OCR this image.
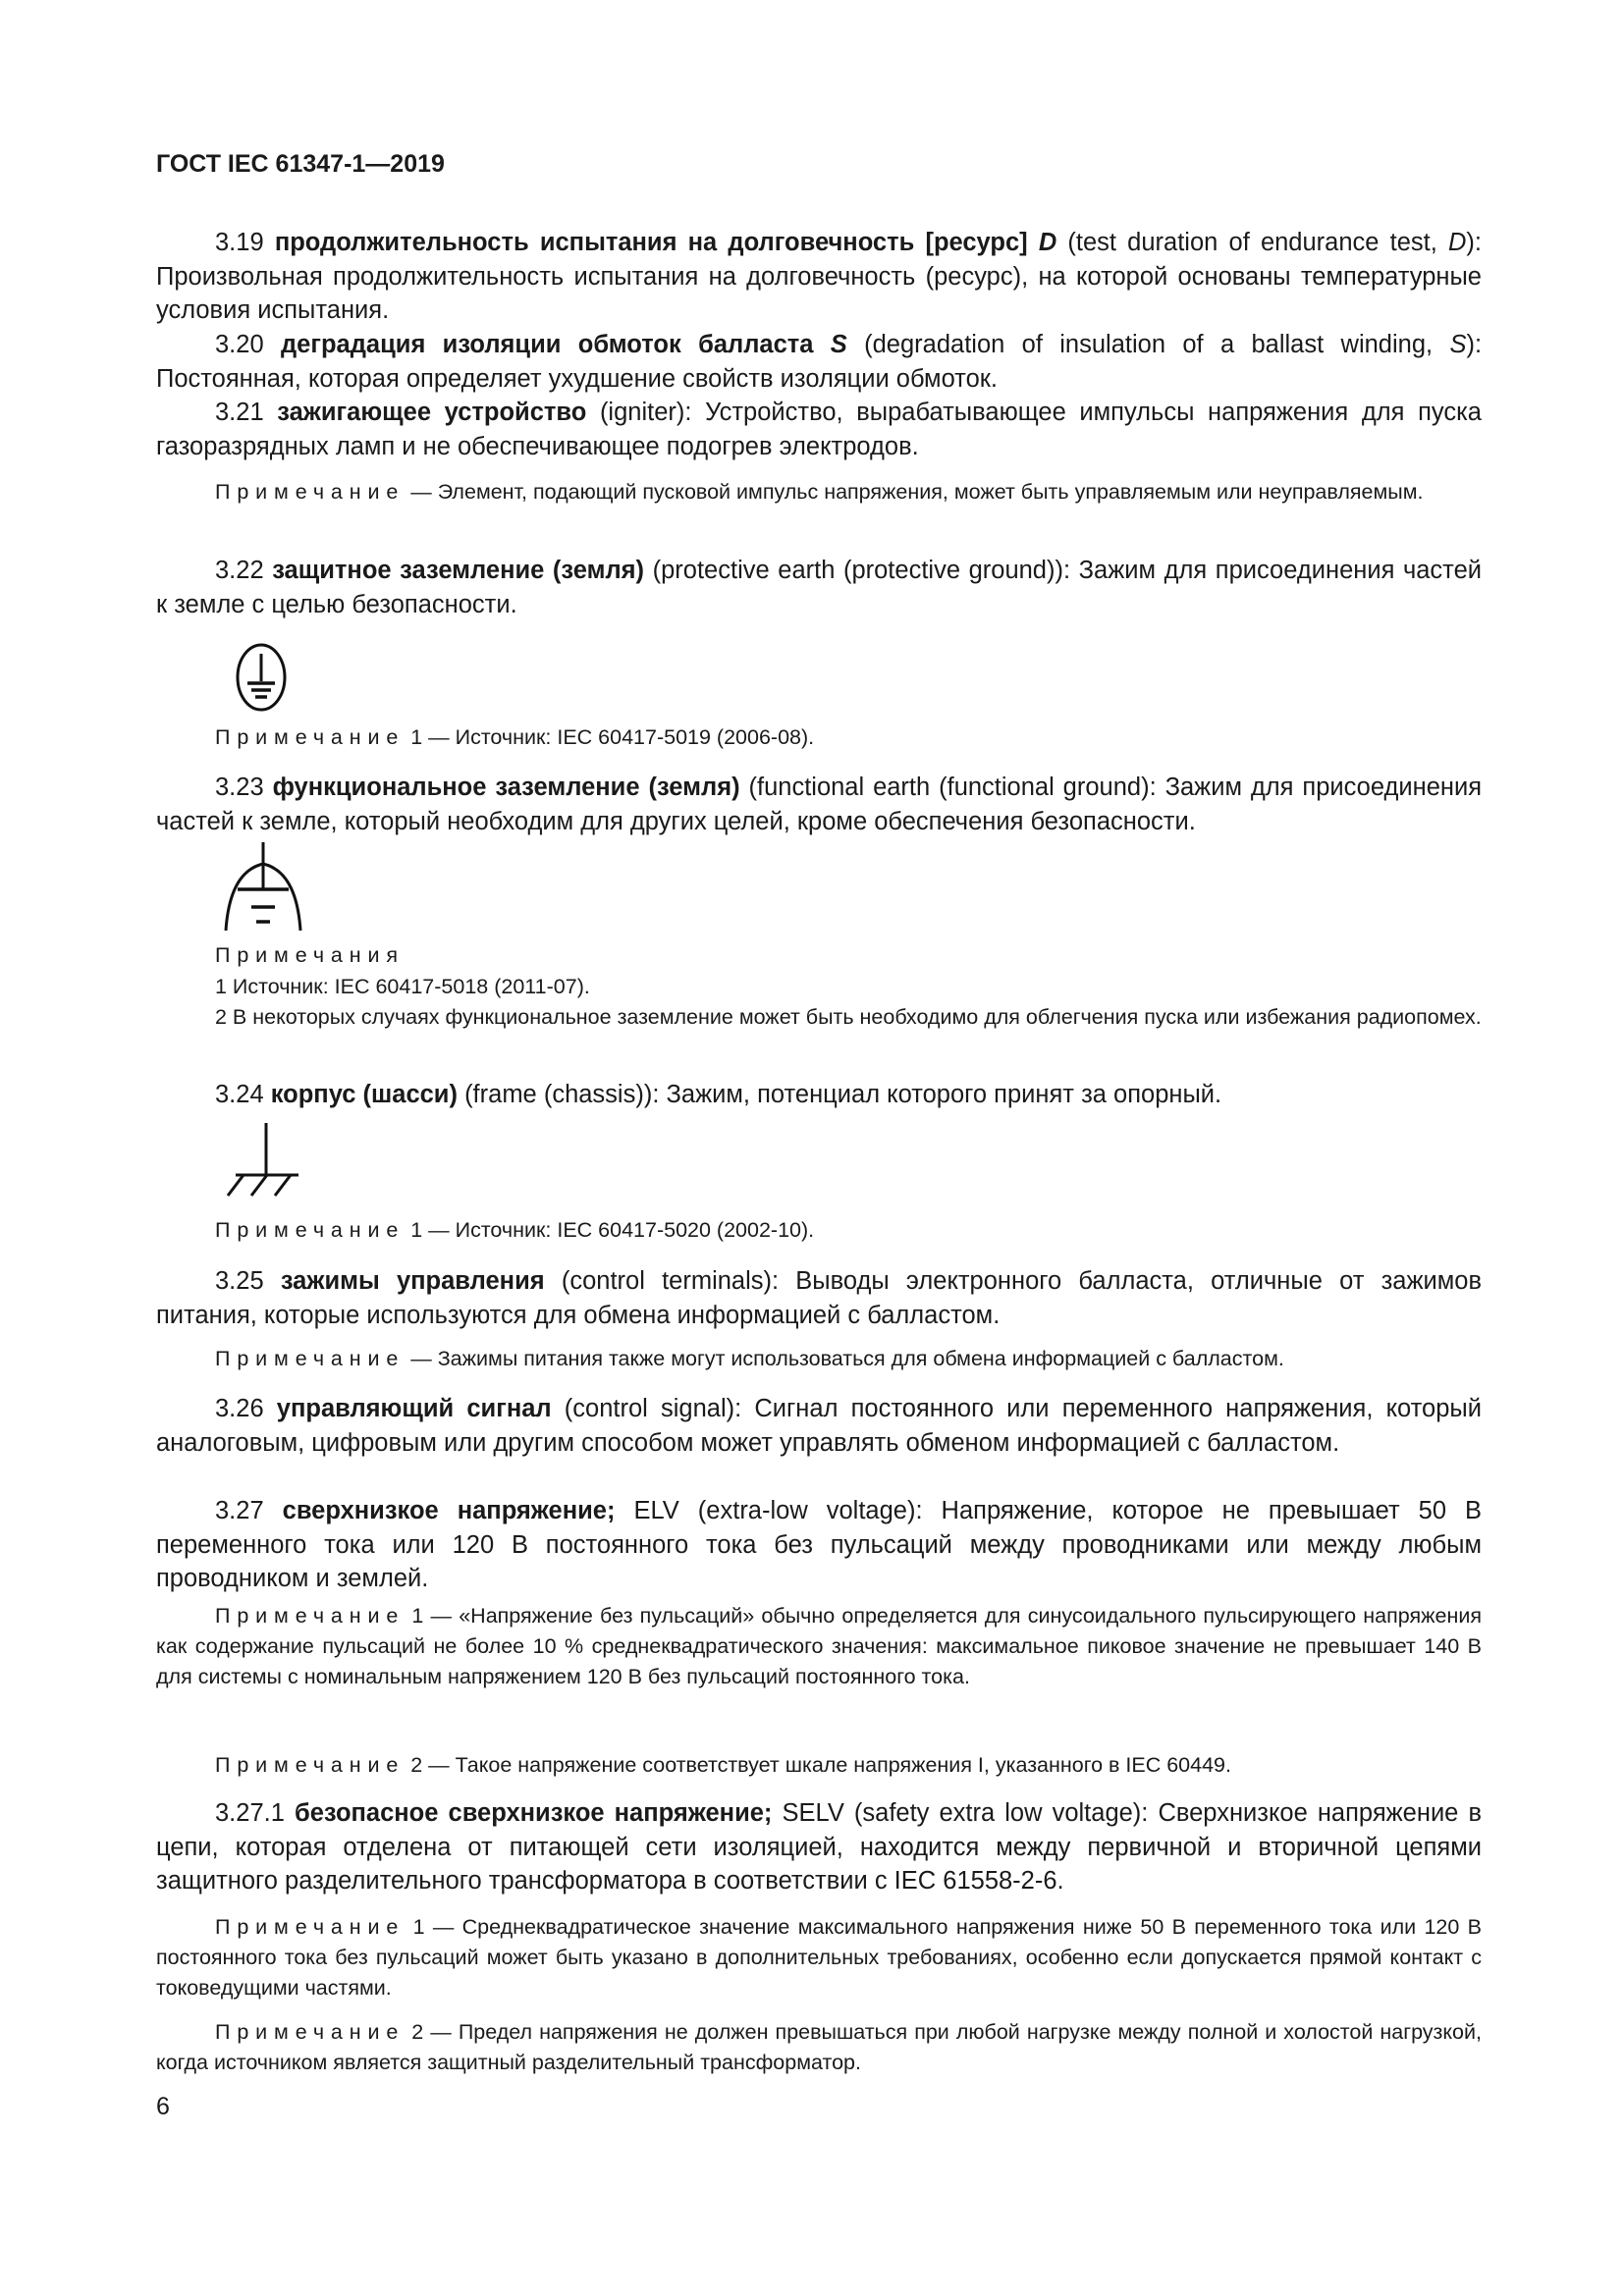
ГОСТ IEC 61347-1—2019

3.19 продолжительность испытания на долговечность [ресурс] D (test duration of endurance test, D): Произвольная продолжительность испытания на долговечность (ресурс), на которой основаны температурные условия испытания.

3.20 деградация изоляции обмоток балласта S (degradation of insulation of a ballast winding, S): Постоянная, которая определяет ухудшение свойств изоляции обмоток.

3.21 зажигающее устройство (igniter): Устройство, вырабатывающее импульсы напряжения для пуска газоразрядных ламп и не обеспечивающее подогрев электродов.

Примечание — Элемент, подающий пусковой импульс напряжения, может быть управляемым или неуправляемым.

3.22 защитное заземление (земля) (protective earth (protective ground)): Зажим для присоединения частей к земле с целью безопасности.

Примечание 1 — Источник: IEC 60417-5019 (2006-08).

3.23 функциональное заземление (земля) (functional earth (functional ground): Зажим для присоединения частей к земле, который необходим для других целей, кроме обеспечения безопасности.

Примечания

1 Источник: IEC 60417-5018 (2011-07).

2 В некоторых случаях функциональное заземление может быть необходимо для облегчения пуска или избежания радиопомех.

3.24 корпус (шасси) (frame (chassis)): Зажим, потенциал которого принят за опорный.

Примечание 1 — Источник: IEC 60417-5020 (2002-10).

3.25 зажимы управления (control terminals): Выводы электронного балласта, отличные от зажимов питания, которые используются для обмена информацией с балластом.

Примечание — Зажимы питания также могут использоваться для обмена информацией с балластом.

3.26 управляющий сигнал (control signal): Сигнал постоянного или переменного напряжения, который аналоговым, цифровым или другим способом может управлять обменом информацией с балластом.

3.27 сверхнизкое напряжение; ELV (extra-low voltage): Напряжение, которое не превышает 50 В переменного тока или 120 В постоянного тока без пульсаций между проводниками или между любым проводником и землей.

Примечание 1 — «Напряжение без пульсаций» обычно определяется для синусоидального пульсирующего напряжения как содержание пульсаций не более 10 % среднеквадратического значения: максимальное пиковое значение не превышает 140 В для системы с номинальным напряжением 120 В без пульсаций постоянного тока.

Примечание 2 — Такое напряжение соответствует шкале напряжения I, указанного в IEC 60449.

3.27.1 безопасное сверхнизкое напряжение; SELV (safety extra low voltage): Сверхнизкое напряжение в цепи, которая отделена от питающей сети изоляцией, находится между первичной и вторичной цепями защитного разделительного трансформатора в соответствии с IEC 61558-2-6.

Примечание 1 — Среднеквадратическое значение максимального напряжения ниже 50 В переменного тока или 120 В постоянного тока без пульсаций может быть указано в дополнительных требованиях, особенно если допускается прямой контакт с токоведущими частями.

Примечание 2 — Предел напряжения не должен превышаться при любой нагрузке между полной и холостой нагрузкой, когда источником является защитный разделительный трансформатор.

6
